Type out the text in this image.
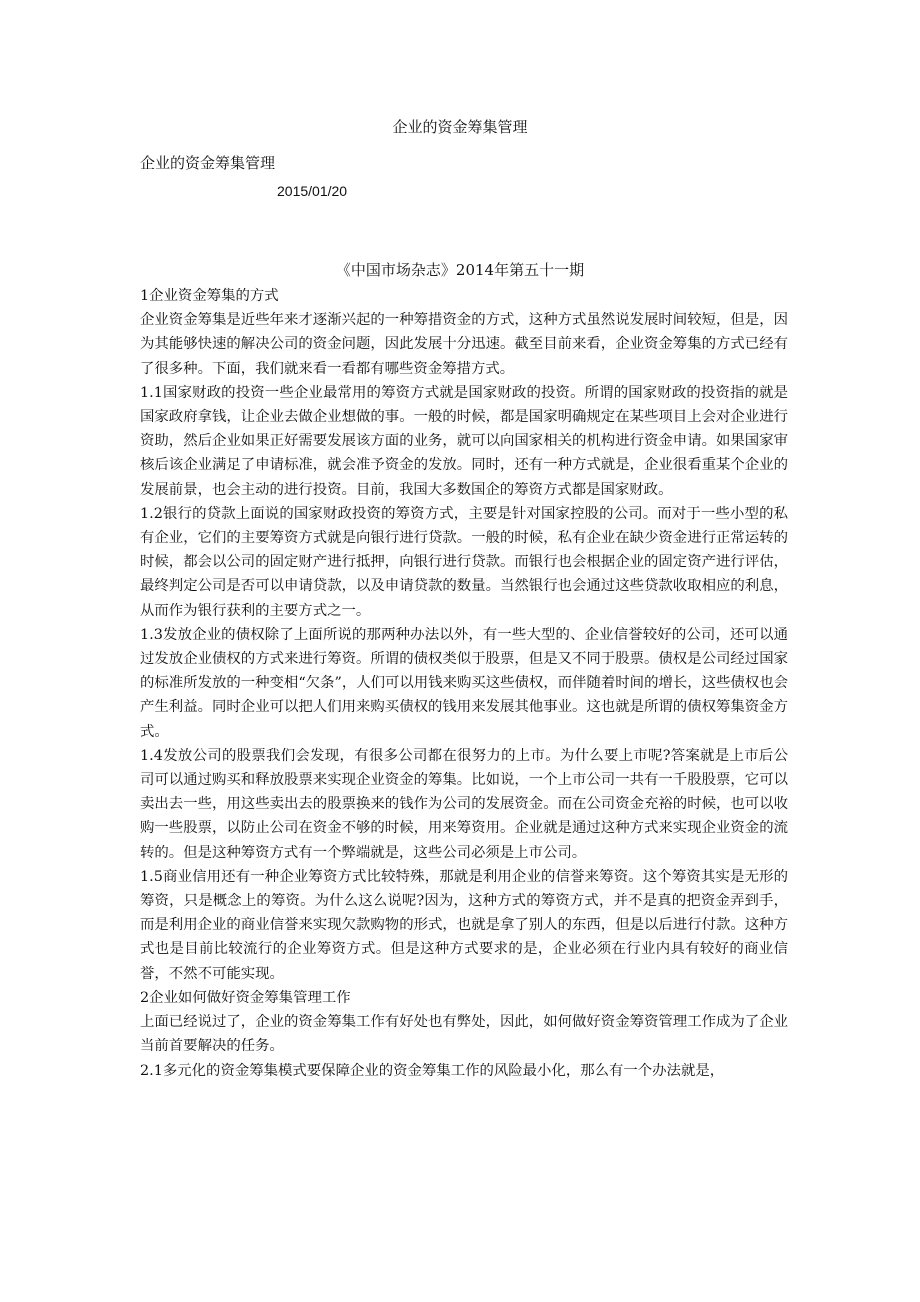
企业的资金筹集管理
企业的资金筹集管理
2015/01/20
《中国市场杂志》2014年第五十一期

1企业资金筹集的方式

企业资金筹集是近些年来才逐渐兴起的一种筹措资金的方式，这种方式虽然说发展时间较短，但是，因为其能够快速的解决公司的资金问题，因此发展十分迅速。截至目前来看，企业资金筹集的方式已经有了很多种。下面，我们就来看一看都有哪些资金筹措方式。

1.1国家财政的投资一些企业最常用的筹资方式就是国家财政的投资。所谓的国家财政的投资指的就是国家政府拿钱，让企业去做企业想做的事。一般的时候，都是国家明确规定在某些项目上会对企业进行资助，然后企业如果正好需要发展该方面的业务，就可以向国家相关的机构进行资金申请。如果国家审核后该企业满足了申请标准，就会准予资金的发放。同时，还有一种方式就是，企业很看重某个企业的发展前景，也会主动的进行投资。目前，我国大多数国企的筹资方式都是国家财政。

1.2银行的贷款上面说的国家财政投资的筹资方式，主要是针对国家控股的公司。而对于一些小型的私有企业，它们的主要筹资方式就是向银行进行贷款。一般的时候，私有企业在缺少资金进行正常运转的时候，都会以公司的固定财产进行抵押，向银行进行贷款。而银行也会根据企业的固定资产进行评估，最终判定公司是否可以申请贷款，以及申请贷款的数量。当然银行也会通过这些贷款收取相应的利息，从而作为银行获利的主要方式之一。

1.3发放企业的债权除了上面所说的那两种办法以外，有一些大型的、企业信誉较好的公司，还可以通过发放企业债权的方式来进行筹资。所谓的债权类似于股票，但是又不同于股票。债权是公司经过国家的标准所发放的一种变相“欠条”，人们可以用钱来购买这些债权，而伴随着时间的增长，这些债权也会产生利益。同时企业可以把人们用来购买债权的钱用来发展其他事业。这也就是所谓的债权筹集资金方式。

1.4发放公司的股票我们会发现，有很多公司都在很努力的上市。为什么要上市呢?答案就是上市后公司可以通过购买和释放股票来实现企业资金的筹集。比如说，一个上市公司一共有一千股股票，它可以卖出去一些，用这些卖出去的股票换来的钱作为公司的发展资金。而在公司资金充裕的时候，也可以收购一些股票，以防止公司在资金不够的时候，用来筹资用。企业就是通过这种方式来实现企业资金的流转的。但是这种筹资方式有一个弊端就是，这些公司必须是上市公司。

1.5商业信用还有一种企业筹资方式比较特殊，那就是利用企业的信誉来筹资。这个筹资其实是无形的筹资，只是概念上的筹资。为什么这么说呢?因为，这种方式的筹资方式，并不是真的把资金弄到手，而是利用企业的商业信誉来实现欠款购物的形式，也就是拿了别人的东西，但是以后进行付款。这种方式也是目前比较流行的企业筹资方式。但是这种方式要求的是，企业必须在行业内具有较好的商业信誉，不然不可能实现。

2企业如何做好资金筹集管理工作

上面已经说过了，企业的资金筹集工作有好处也有弊处，因此，如何做好资金筹资管理工作成为了企业当前首要解决的任务。

2.1多元化的资金筹集模式要保障企业的资金筹集工作的风险最小化，那么有一个办法就是，
